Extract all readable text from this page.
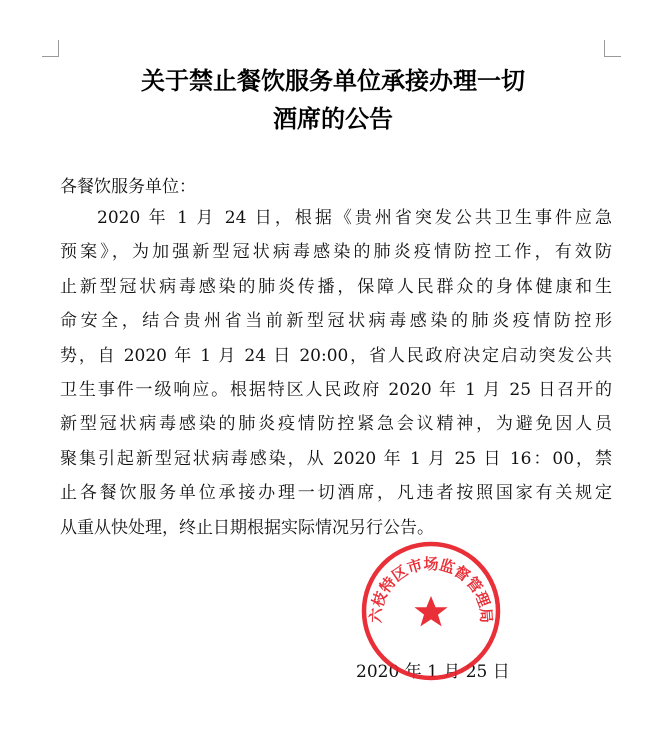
关于禁止餐饮服务单位承接办理一切
酒席的公告
各餐饮服务单位：
2020 年 1 月 24 日，根据《贵州省突发公共卫生事件应急
预案》，为加强新型冠状病毒感染的肺炎疫情防控工作，有效防
止新型冠状病毒感染的肺炎传播，保障人民群众的身体健康和生
命安全，结合贵州省当前新型冠状病毒感染的肺炎疫情防控形
势，自 2020 年 1 月 24 日 20:00，省人民政府决定启动突发公共
卫生事件一级响应。根据特区人民政府 2020 年 1 月 25 日召开的
新型冠状病毒感染的肺炎疫情防控紧急会议精神，为避免因人员
聚集引起新型冠状病毒感染，从 2020 年 1 月 25 日 16：00，禁
止各餐饮服务单位承接办理一切酒席，凡违者按照国家有关规定
从重从快处理，终止日期根据实际情况另行公告。
2020 年 1 月 25 日
六枝特区市场监督管理局
